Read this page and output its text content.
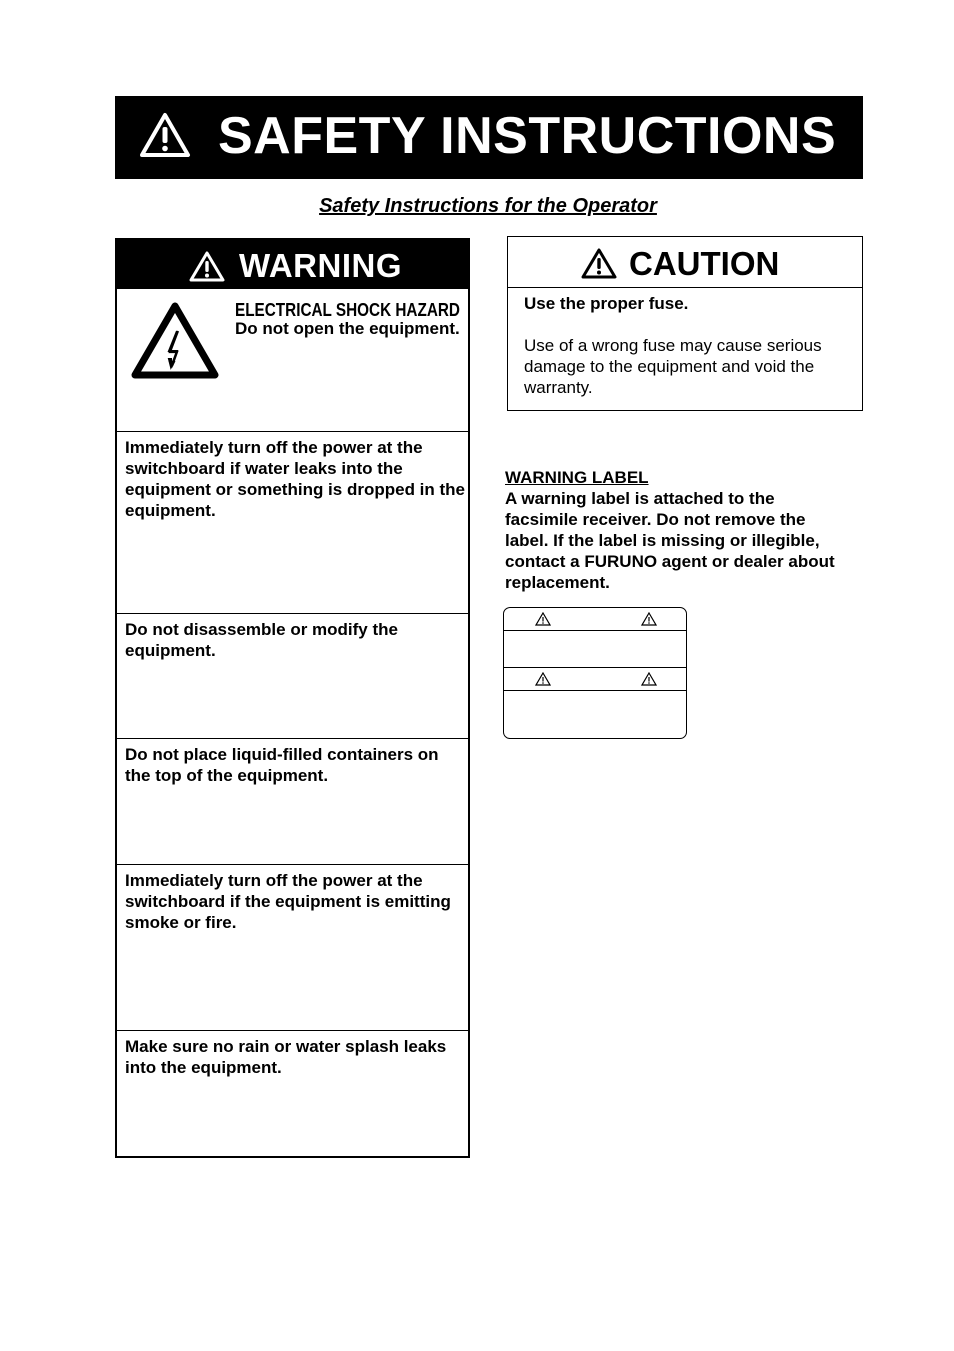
SAFETY INSTRUCTIONS
Safety Instructions for the Operator
WARNING
ELECTRICAL SHOCK HAZARD
Do not open the equipment.
Immediately turn off the power at the switchboard if water leaks into the equipment or something is dropped in the equipment.
Do not disassemble or modify the equipment.
Do not place liquid-filled containers on the top of the equipment.
Immediately turn off the power at the switchboard if the equipment is emitting smoke or fire.
Make sure no rain or water splash leaks into the equipment.
CAUTION
Use the proper fuse.
Use of a wrong fuse may cause serious damage to the equipment and void the warranty.
WARNING LABEL
A warning label is attached to the facsimile receiver. Do not remove the label. If the label is missing or illegible, contact a FURUNO agent or dealer about replacement.
